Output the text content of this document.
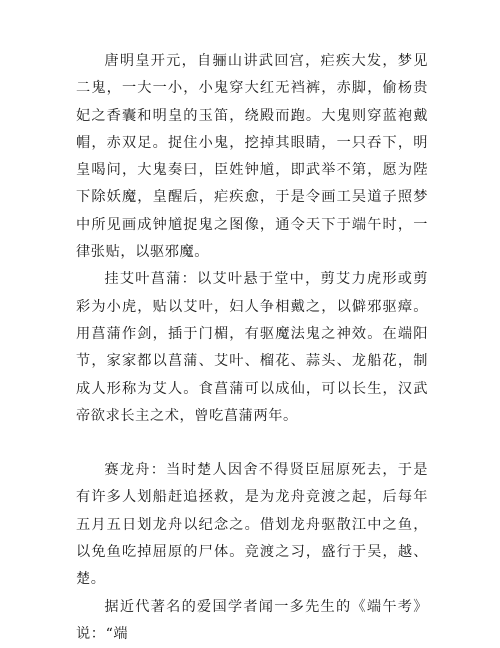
唐明皇开元，自骊山讲武回宫，疟疾大发，梦见二鬼，一大一小，小鬼穿大红无裆裤，赤脚，偷杨贵妃之香囊和明皇的玉笛，绕殿而跑。大鬼则穿蓝袍戴帽，赤双足。捉住小鬼，挖掉其眼睛，一只吞下，明皇喝问，大鬼奏曰，臣姓钟馗，即武举不第，愿为陛下除妖魔，皇醒后，疟疾愈，于是令画工吴道子照梦中所见画成钟馗捉鬼之图像，通令天下于端午时，一律张贴，以驱邪魔。

挂艾叶菖蒲：以艾叶悬于堂中，剪艾力虎形或剪彩为小虎，贴以艾叶，妇人争相戴之，以僻邪驱瘴。用菖蒲作剑，插于门楣，有驱魔法鬼之神效。在端阳节，家家都以菖蒲、艾叶、榴花、蒜头、龙船花，制成人形称为艾人。食菖蒲可以成仙，可以长生，汉武帝欲求长主之术，曾吃菖蒲两年。

赛龙舟：当时楚人因舍不得贤臣屈原死去，于是有许多人划船赶追拯救，是为龙舟竞渡之起，后每年五月五日划龙舟以纪念之。借划龙舟驱散江中之鱼，以免鱼吃掉屈原的尸体。竞渡之习，盛行于吴，越、楚。

据近代著名的爱国学者闻一多先生的《端午考》说：“端
